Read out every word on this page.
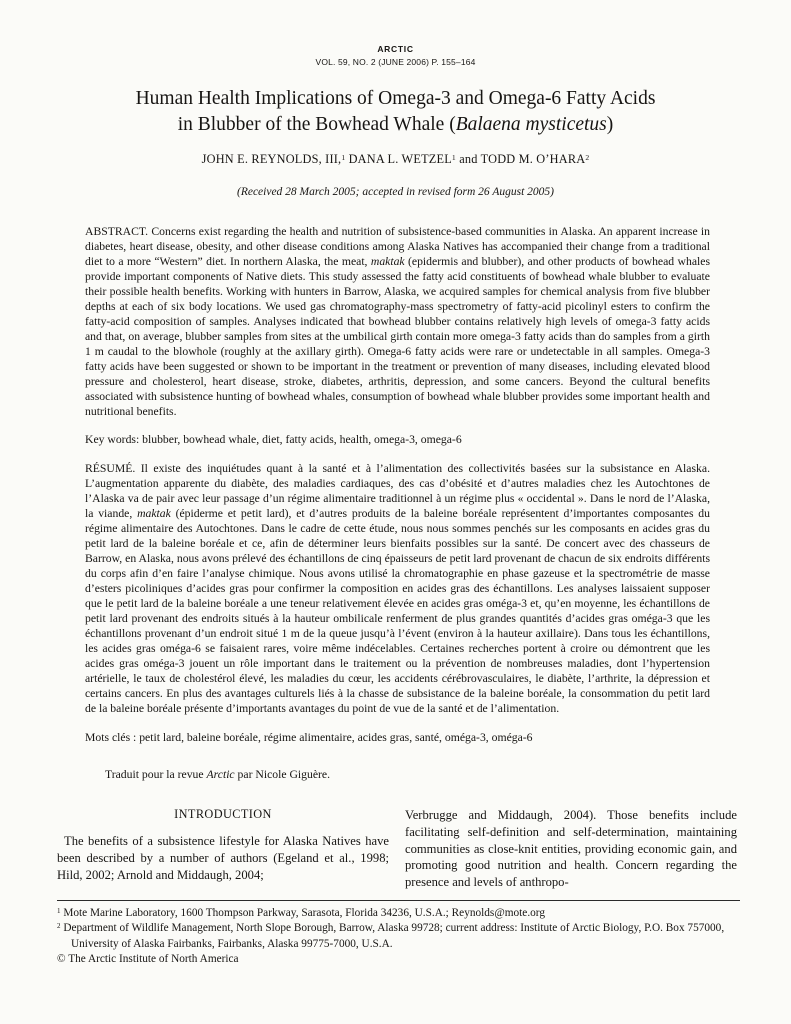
ARCTIC
VOL. 59, NO. 2 (JUNE 2006) P. 155–164
Human Health Implications of Omega-3 and Omega-6 Fatty Acids
in Blubber of the Bowhead Whale (Balaena mysticetus)
JOHN E. REYNOLDS, III,$^1$ DANA L. WETZEL$^1$ and TODD M. O’HARA$^2$
(Received 28 March 2005; accepted in revised form 26 August 2005)

ABSTRACT. Concerns exist regarding the health and nutrition of subsistence-based communities in Alaska. An apparent increase in diabetes, heart disease, obesity, and other disease conditions among Alaska Natives has accompanied their change from a traditional diet to a more “Western” diet. In northern Alaska, the meat, maktak (epidermis and blubber), and other products of bowhead whales provide important components of Native diets. This study assessed the fatty acid constituents of bowhead whale blubber to evaluate their possible health benefits. Working with hunters in Barrow, Alaska, we acquired samples for chemical analysis from five blubber depths at each of six body locations. We used gas chromatography-mass spectrometry of fatty-acid picolinyl esters to confirm the fatty-acid composition of samples. Analyses indicated that bowhead blubber contains relatively high levels of omega-3 fatty acids and that, on average, blubber samples from sites at the umbilical girth contain more omega-3 fatty acids than do samples from a girth 1 m caudal to the blowhole (roughly at the axillary girth). Omega-6 fatty acids were rare or undetectable in all samples. Omega-3 fatty acids have been suggested or shown to be important in the treatment or prevention of many diseases, including elevated blood pressure and cholesterol, heart disease, stroke, diabetes, arthritis, depression, and some cancers. Beyond the cultural benefits associated with subsistence hunting of bowhead whales, consumption of bowhead whale blubber provides some important health and nutritional benefits.

Key words: blubber, bowhead whale, diet, fatty acids, health, omega-3, omega-6

RÉSUMÉ. Il existe des inquiétudes quant à la santé et à l’alimentation des collectivités basées sur la subsistance en Alaska. L’augmentation apparente du diabète, des maladies cardiaques, des cas d’obésité et d’autres maladies chez les Autochtones de l’Alaska va de pair avec leur passage d’un régime alimentaire traditionnel à un régime plus « occidental ». Dans le nord de l’Alaska, la viande, maktak (épiderme et petit lard), et d’autres produits de la baleine boréale représentent d’importantes composantes du régime alimentaire des Autochtones. Dans le cadre de cette étude, nous nous sommes penchés sur les composants en acides gras du petit lard de la baleine boréale et ce, afin de déterminer leurs bienfaits possibles sur la santé. De concert avec des chasseurs de Barrow, en Alaska, nous avons prélevé des échantillons de cinq épaisseurs de petit lard provenant de chacun de six endroits différents du corps afin d’en faire l’analyse chimique. Nous avons utilisé la chromatographie en phase gazeuse et la spectrométrie de masse d’esters picoliniques d’acides gras pour confirmer la composition en acides gras des échantillons. Les analyses laissaient supposer que le petit lard de la baleine boréale a une teneur relativement élevée en acides gras oméga-3 et, qu’en moyenne, les échantillons de petit lard provenant des endroits situés à la hauteur ombilicale renferment de plus grandes quantités d’acides gras oméga-3 que les échantillons provenant d’un endroit situé 1 m de la queue jusqu’à l’évent (environ à la hauteur axillaire). Dans tous les échantillons, les acides gras oméga-6 se faisaient rares, voire même indécelables. Certaines recherches portent à croire ou démontrent que les acides gras oméga-3 jouent un rôle important dans le traitement ou la prévention de nombreuses maladies, dont l’hypertension artérielle, le taux de cholestérol élevé, les maladies du cœur, les accidents cérébrovasculaires, le diabète, l’arthrite, la dépression et certains cancers. En plus des avantages culturels liés à la chasse de subsistance de la baleine boréale, la consommation du petit lard de la baleine boréale présente d’importants avantages du point de vue de la santé et de l’alimentation.

Mots clés : petit lard, baleine boréale, régime alimentaire, acides gras, santé, oméga-3, oméga-6

Traduit pour la revue Arctic par Nicole Giguère.

INTRODUCTION

The benefits of a subsistence lifestyle for Alaska Natives have been described by a number of authors (Egeland et al., 1998; Hild, 2002; Arnold and Middaugh, 2004;

Verbrugge and Middaugh, 2004). Those benefits include facilitating self-definition and self-determination, maintaining communities as close-knit entities, providing economic gain, and promoting good nutrition and health. Concern regarding the presence and levels of anthropo-

$^1$ Mote Marine Laboratory, 1600 Thompson Parkway, Sarasota, Florida 34236, U.S.A.; Reynolds@mote.org

$^2$ Department of Wildlife Management, North Slope Borough, Barrow, Alaska 99728; current address: Institute of Arctic Biology, P.O. Box 757000, University of Alaska Fairbanks, Fairbanks, Alaska 99775-7000, U.S.A.

© The Arctic Institute of North America
